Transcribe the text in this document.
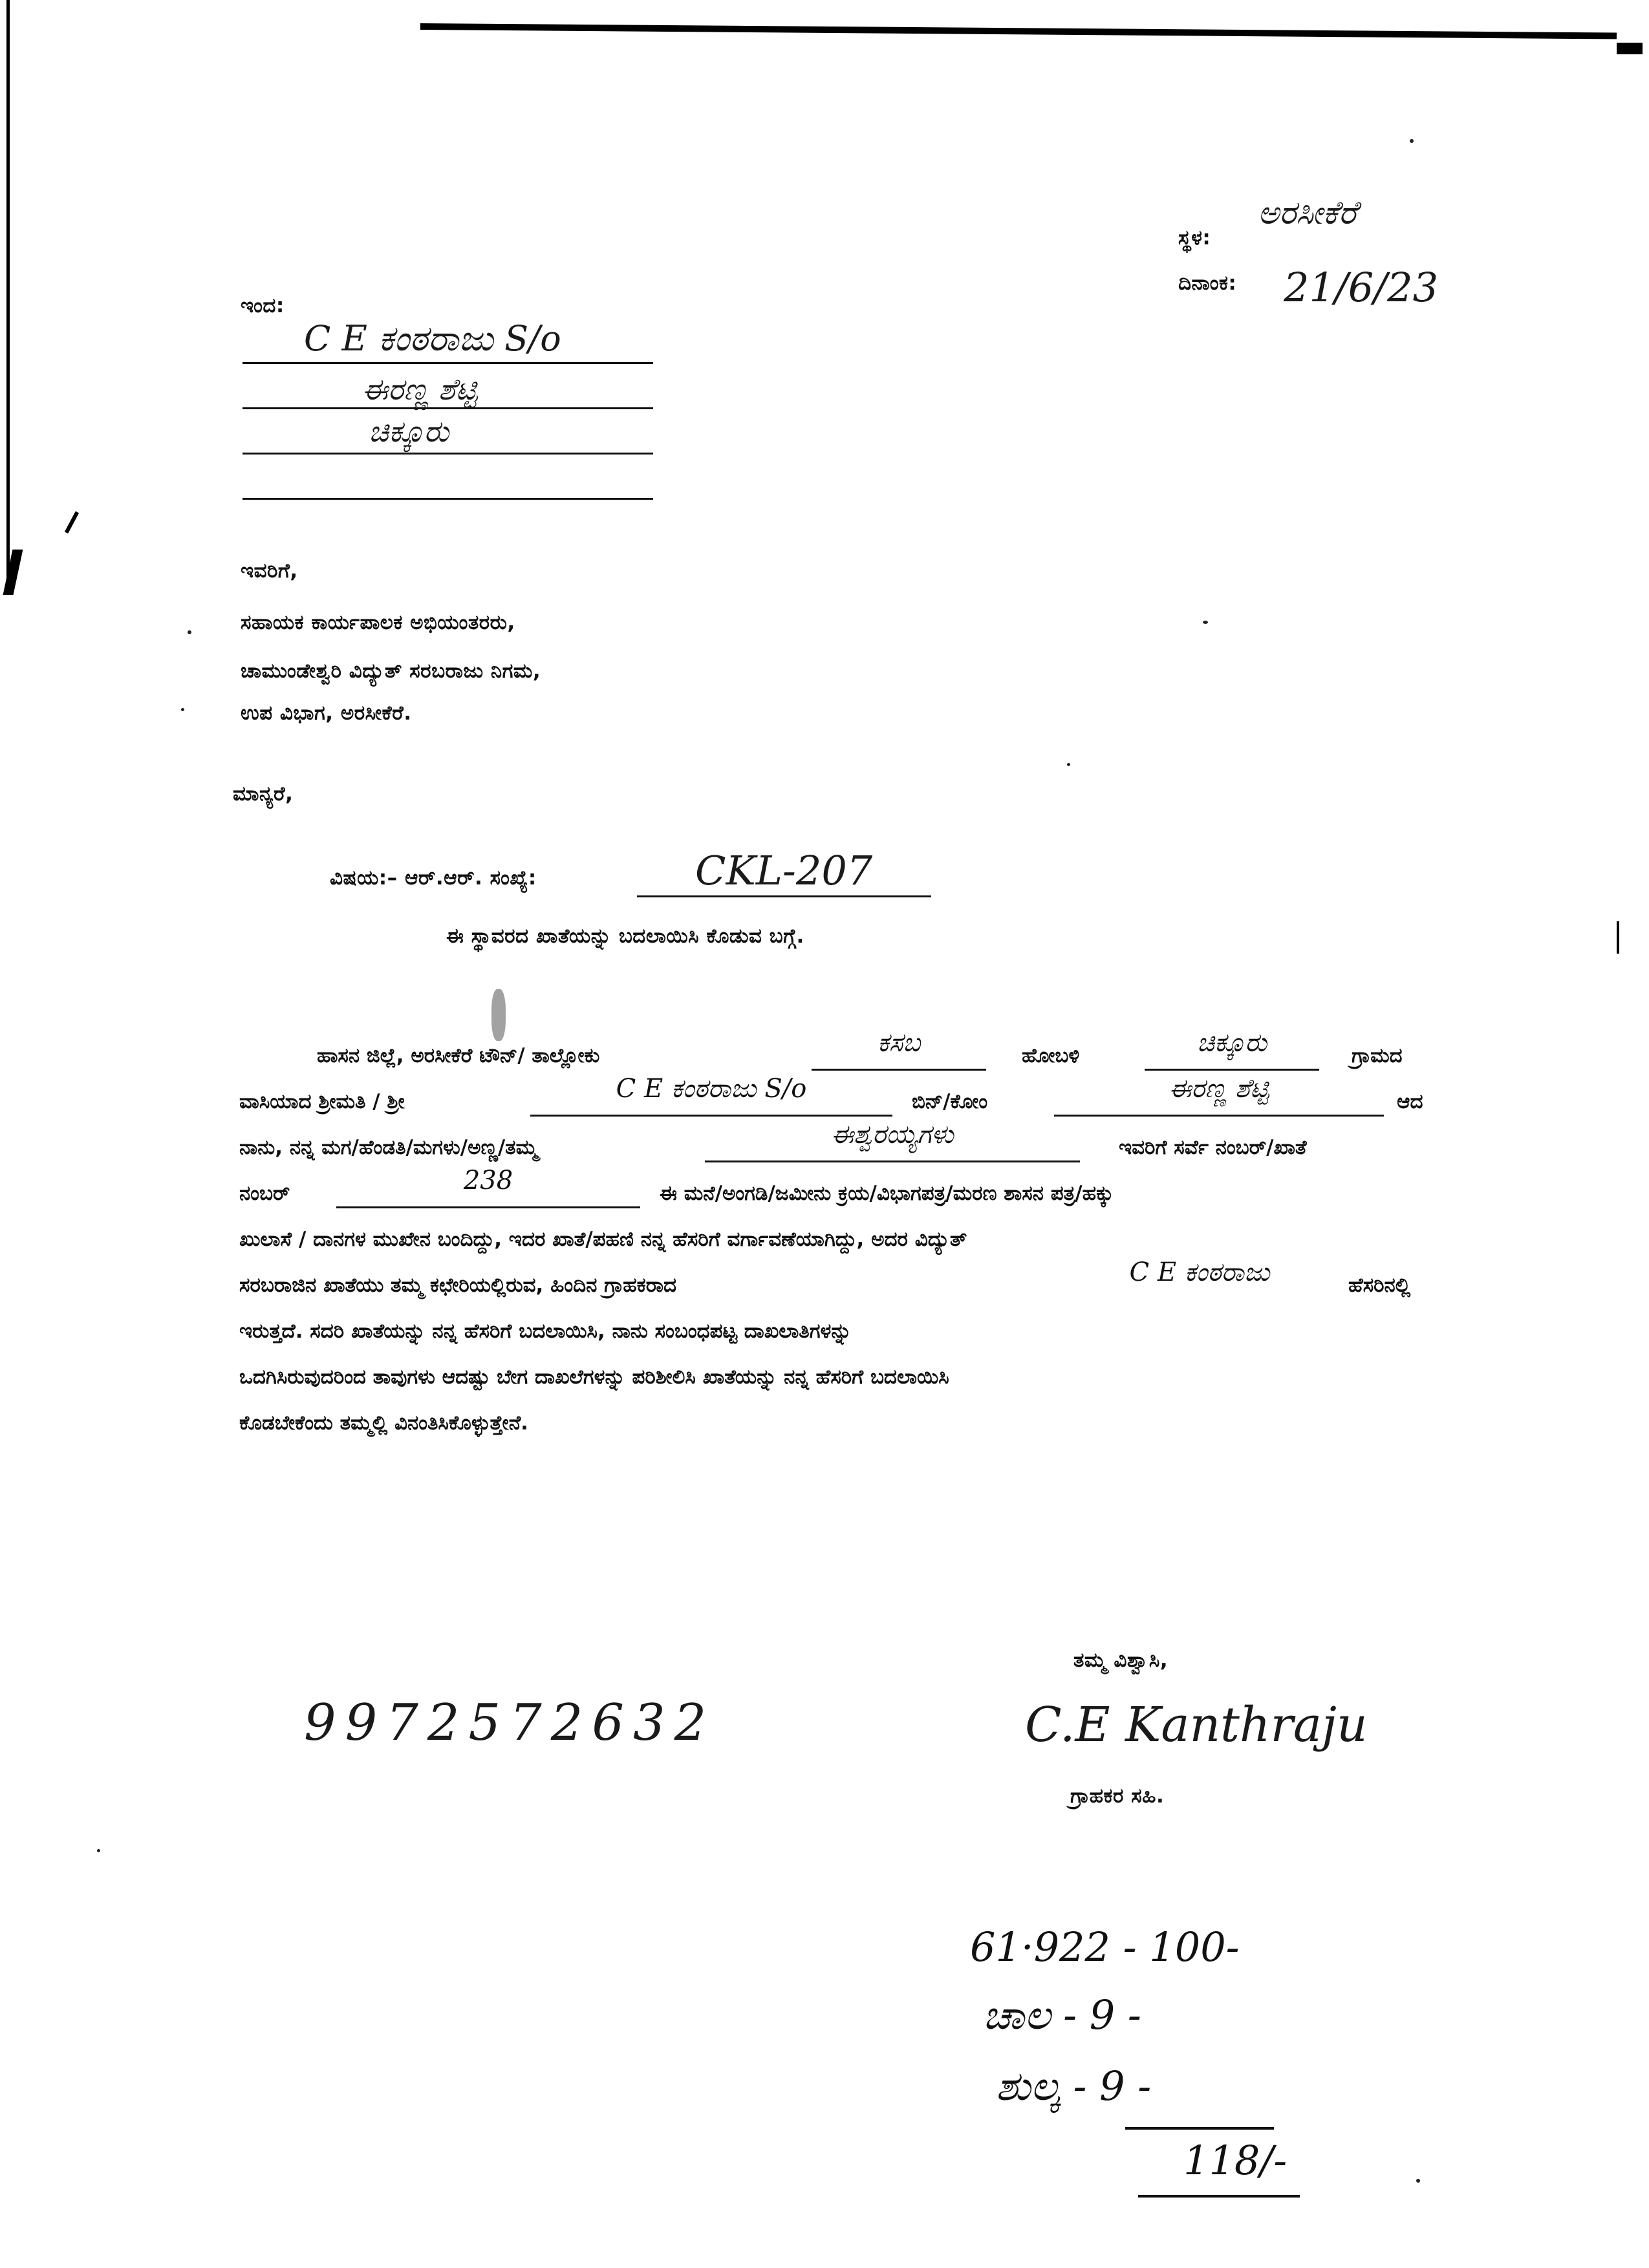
ಸ್ಥಳ:
ಅರಸೀಕೆರೆ
ದಿನಾಂಕ: 21/6/23
ಇಂದ:
C E ಕಂಠರಾಜು S/o
ಈರಣ್ಣ ಶೆಟ್ಟಿ
ಚಿಕ್ಕೂರು
ಇವರಿಗೆ,
ಸಹಾಯಕ ಕಾರ್ಯಪಾಲಕ ಅಭಿಯಂತರರು,
ಚಾಮುಂಡೇಶ್ವರಿ ವಿದ್ಯುತ್ ಸರಬರಾಜು ನಿಗಮ,
ಉಪ ವಿಭಾಗ, ಅರಸೀಕೆರೆ.
ಮಾನ್ಯರೆ,
ವಿಷಯ:– ಆರ್.ಆರ್. ಸಂಖ್ಯೆ:	CKL-207
ಈ ಸ್ಥಾವರದ ಖಾತೆಯನ್ನು ಬದಲಾಯಿಸಿ ಕೊಡುವ ಬಗ್ಗೆ.
ಹಾಸನ ಜಿಲ್ಲೆ, ಅರಸೀಕೆರೆ ಟೌನ್/ ತಾಲ್ಲೋಕು	ಕಸಬ	ಹೋಬಳಿ	ಚಿಕ್ಕೂರು	ಗ್ರಾಮದ
ವಾಸಿಯಾದ ಶ್ರೀಮತಿ / ಶ್ರೀ	C E ಕಂಠರಾಜು S/o	ಬಿನ್/ಕೋಂ	ಈರಣ್ಣ ಶೆಟ್ಟಿ	ಆದ
ನಾನು, ನನ್ನ ಮಗ/ಹೆಂಡತಿ/ಮಗಳು/ಅಣ್ಣ/ತಮ್ಮ	ಈಶ್ವರಯ್ಯಗಳು	ಇವರಿಗೆ ಸರ್ವೆ ನಂಬರ್/ಖಾತೆ
ನಂಬರ್	238	ಈ ಮನೆ/ಅಂಗಡಿ/ಜಮೀನು ಕ್ರಯ/ವಿಭಾಗಪತ್ರ/ಮರಣ ಶಾಸನ ಪತ್ರ/ಹಕ್ಕು
ಖುಲಾಸೆ / ದಾನಗಳ ಮುಖೇನ ಬಂದಿದ್ದು, ಇದರ ಖಾತೆ/ಪಹಣಿ ನನ್ನ ಹೆಸರಿಗೆ ವರ್ಗಾವಣೆಯಾಗಿದ್ದು, ಅದರ ವಿದ್ಯುತ್
ಸರಬರಾಜಿನ ಖಾತೆಯು ತಮ್ಮ ಕಛೇರಿಯಲ್ಲಿರುವ, ಹಿಂದಿನ ಗ್ರಾಹಕರಾದ	C E ಕಂಠರಾಜು	ಹೆಸರಿನಲ್ಲಿ
ಇರುತ್ತದೆ. ಸದರಿ ಖಾತೆಯನ್ನು ನನ್ನ ಹೆಸರಿಗೆ ಬದಲಾಯಿಸಿ, ನಾನು ಸಂಬಂಧಪಟ್ಟ ದಾಖಲಾತಿಗಳನ್ನು
ಒದಗಿಸಿರುವುದರಿಂದ ತಾವುಗಳು ಆದಷ್ಟು ಬೇಗ ದಾಖಲೆಗಳನ್ನು ಪರಿಶೀಲಿಸಿ ಖಾತೆಯನ್ನು ನನ್ನ ಹೆಸರಿಗೆ ಬದಲಾಯಿಸಿ
ಕೊಡಬೇಕೆಂದು ತಮ್ಮಲ್ಲಿ ವಿನಂತಿಸಿಕೊಳ್ಳುತ್ತೇನೆ.
ತಮ್ಮ ವಿಶ್ವಾಸಿ,
C.E Kanthraju
ಗ್ರಾಹಕರ ಸಹಿ.
9972572632
61·922 - 100-
ಚಾಲ - 9 -
ಶುಲ್ಕ - 9 -
118/-
